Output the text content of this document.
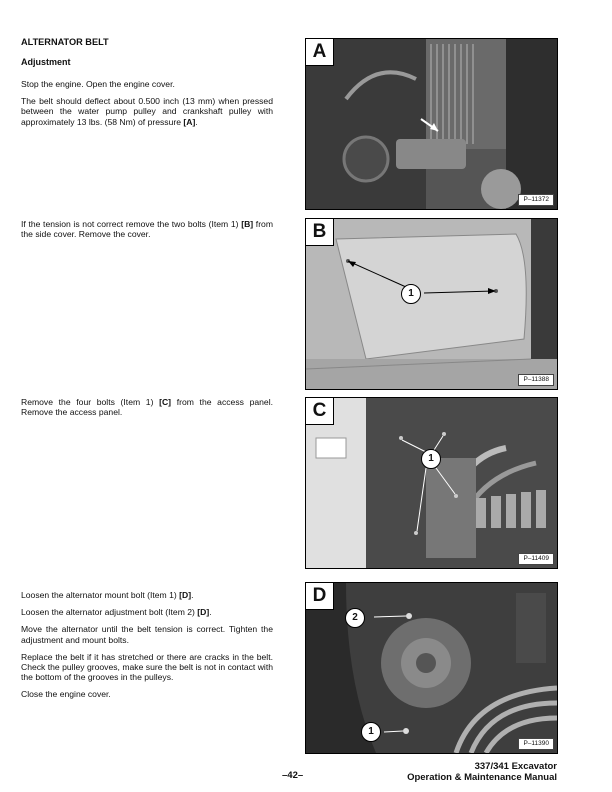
ALTERNATOR BELT
Adjustment

Stop the engine. Open the engine cover.

The belt should deflect about 0.500 inch (13 mm) when pressed between the water pump pulley and crankshaft pulley with approximately 13 lbs. (58 Nm) of pressure [A].

If the tension is not correct remove the two bolts (Item 1) [B] from the side cover. Remove the cover.

Remove the four bolts (Item 1) [C] from the access panel. Remove the access panel.

Loosen the alternator mount bolt (Item 1) [D].

Loosen the alternator adjustment bolt (Item 2) [D].

Move the alternator until the belt tension is correct. Tighten the adjustment and mount bolts.

Replace the belt if it has stretched or there are cracks in the belt. Check the pulley grooves, make sure the belt is not in contact with the bottom of the grooves in the pulleys.

Close the engine cover.

A
P–11372
B
1
P–11388
C
1
P–11409
D
2
1
P–11390
–42–
337/341 Excavator
Operation & Maintenance Manual
